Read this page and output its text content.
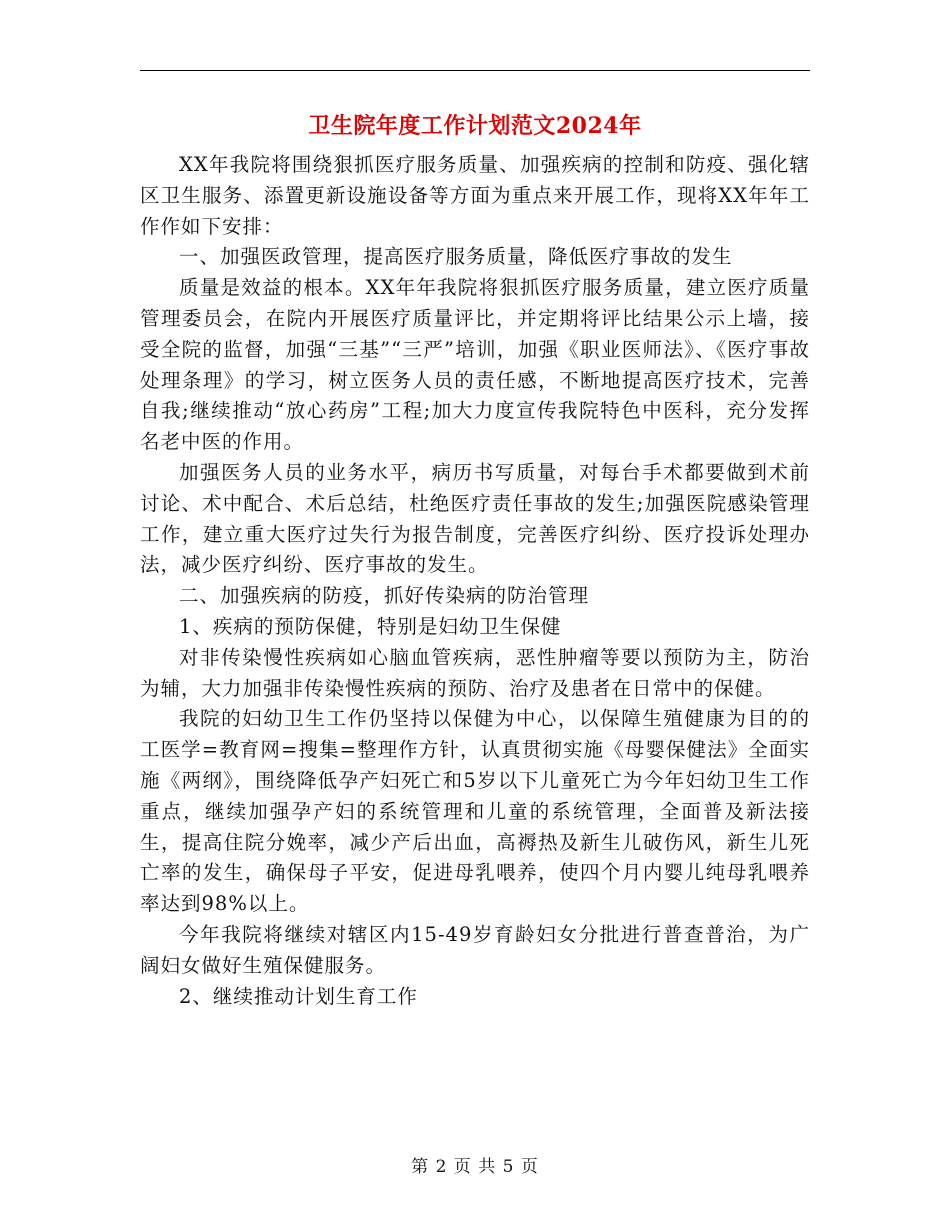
卫生院年度工作计划范文2024年

XX年我院将围绕狠抓医疗服务质量、加强疾病的控制和防疫、强化辖区卫生服务、添置更新设施设备等方面为重点来开展工作，现将XX年年工作作如下安排：

一、加强医政管理，提高医疗服务质量，降低医疗事故的发生

质量是效益的根本。XX年年我院将狠抓医疗服务质量，建立医疗质量管理委员会，在院内开展医疗质量评比，并定期将评比结果公示上墙，接受全院的监督，加强“三基”“三严”培训，加强《职业医师法》、《医疗事故处理条理》的学习，树立医务人员的责任感，不断地提高医疗技术，完善自我;继续推动“放心药房”工程;加大力度宣传我院特色中医科，充分发挥名老中医的作用。

加强医务人员的业务水平，病历书写质量，对每台手术都要做到术前讨论、术中配合、术后总结，杜绝医疗责任事故的发生;加强医院感染管理工作，建立重大医疗过失行为报告制度，完善医疗纠纷、医疗投诉处理办法，减少医疗纠纷、医疗事故的发生。

二、加强疾病的防疫，抓好传染病的防治管理

1、疾病的预防保健，特别是妇幼卫生保健

对非传染慢性疾病如心脑血管疾病，恶性肿瘤等要以预防为主，防治为辅，大力加强非传染慢性疾病的预防、治疗及患者在日常中的保健。

我院的妇幼卫生工作仍坚持以保健为中心，以保障生殖健康为目的的工医学=教育网=搜集=整理作方针，认真贯彻实施《母婴保健法》全面实施《两纲》，围绕降低孕产妇死亡和5岁以下儿童死亡为今年妇幼卫生工作重点，继续加强孕产妇的系统管理和儿童的系统管理，全面普及新法接生，提高住院分娩率，减少产后出血，高褥热及新生儿破伤风，新生儿死亡率的发生，确保母子平安，促进母乳喂养，使四个月内婴儿纯母乳喂养率达到98%以上。

今年我院将继续对辖区内15-49岁育龄妇女分批进行普查普治，为广阔妇女做好生殖保健服务。

2、继续推动计划生育工作

第 2 页 共 5 页
